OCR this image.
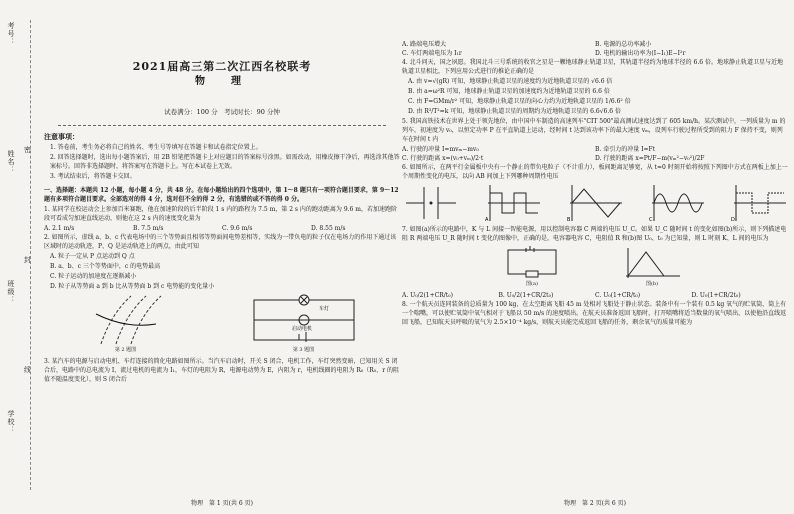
考号：
姓名：
班级：
学校：
密
封
线
2021届高三第二次江西名校联考
物　理
试卷满分：100 分　考试时长：90 分钟
注意事项：

1. 答卷前，考生务必将自己的姓名、考生号等填写在答题卡和试卷指定位置上。

2. 回答选择题时，选出每小题答案后，用 2B 铅笔把答题卡上对应题目的答案标号涂黑。如需改动，用橡皮擦干净后，再选涂其他答案标号。回答非选择题时，将答案写在答题卡上。写在本试卷上无效。

3. 考试结束后，将答题卡交回。

一、选择题：本题共 12 小题，每小题 4 分，共 48 分。在每小题给出的四个选项中，第 1～8 题只有一项符合题目要求，第 9～12 题有多项符合题目要求。全部选对的得 4 分，选对但不全的得 2 分，有选错的或不答的得 0 分。

1. 某同学在校运动会上参加百米赛跑，他在加速阶段的后半阶段 1 s 内的路程为 7.5 m，第 2 s 内的跑动距离为 9.6 m，若加速跑阶段可看成匀加速直线运动，则他在这 2 s 内的速度变化量为

A. 2.1 m/s	B. 7.5 m/s	C. 9.6 m/s	D. 8.55 m/s

2. 如图所示，虚线 a、b、c 代表电场中的三个等势面且相邻等势面间电势差相等，实线为一带负电的粒子仅在电场力的作用下通过该区域时的运动轨迹，P、Q 是运动轨迹上的两点，由此可知

A. 粒子一定从 P 点运动到 Q 点

B. a、b、c 三个等势面中，c 的电势最高

C. 粒子运动的加速度在逐渐减小

D. 粒子从等势面 a 到 b 比从等势面 b 到 c 电势能的变化量小

第 2 题图
车灯
启动电机
第 3 题图

3. 某汽车的电源与启动电机、车灯连接的简化电路如图所示。当汽车启动时，开关 S 闭合，电机工作，车灯突然变暗，已知用关 S 闭合后，电路中的总电流为 I，流过电机的电流为 I₁，车灯的电阻为 R，电源电动势为 E，内阻为 r，电机线圈的电阻为 R₀（R₀、r 的阻值不随温度变化），则 S 闭合后

物理　第 1 页(共 6 页)
A. 路端电压增大	B. 电源的总功率减小
C. 车灯两端电压为 I₁r	D. 电机的输出功率为(I−I₁)E−I²r

4. 北斗问天，国之夙愿。我国北斗三号系统的收官之星是一颗地球静止轨道卫星，其轨道半径约为地球半径的 6.6 倍。地球静止轨道卫星与近地轨道卫星相比，下列应用公式进行的推论正确的是

A. 由 v=√(gR) 可知，地球静止轨道卫星的速度约为近地轨道卫星的 √6.6 倍

B. 由 a=ω²R 可知，地球静止轨道卫星的加速度约为近地轨道卫星的 6.6 倍

C. 由 F=GMm/r² 可知，地球静止轨道卫星的向心力约为近地轨道卫星的 1/6.6² 倍

D. 由 R³/T²=k 可知，地球静止轨道卫星的周期约为近地轨道卫星的 6.6√6.6 倍

5. 我国高铁技术在世界上处于领先地位，由中国中车制造的高速列车"CIT 500"最高测试速度达到了 605 km/h。某次测试中，一列质量为 m 的列车，初速度为 v₀，以恒定功率 P 在平直轨道上运动，经时间 t 达到该功率下的最大速度 vₘ，设列车行驶过程所受到的阻力 F 保持不变，则列车在时间 t 内

A. 行驶的冲量 I=mvₘ−mv₀	B. 牵引力的冲量 I=Ft
C. 行驶的距离 x=(v₀+vₘ)/2·t	D. 行驶的距离 x=Pt/F−m(vₘ²−v₀²)/2F

6. 如图所示，在两平行金属板中央有一个静止的带负电粒子（不计重力），板间距离足够宽，从 t=0 时刻开始将按照下列图中方式在两板上加上一个周期性变化的电压，以向 AB 间加上下列哪种周期性电压

A	B	C	D

7. 如图(a)所示的电路中，K 与 L 间接一智能电源，用以控制电容器 C 两端的电压 U_C。如果 U_C 随时间 t 的变化如图(b)所示，则下列描述电阻 R 两端电压 U_R 随时间 t 变化的图像中，正确的是，电容器电容 C，电阻值 R 和(b)图 U₀、t₀ 为已知量，则 L 时刻 K、L 间的电压为

图(a)	图(b)
A. U₀/2(1+CR/t₀)	B. U₀/2(1+CR/2t₀)	C. U₀(1+CR/t₀)	D. U₀(1+CR/2t₀)

8. 一个航天员连同装备的总质量为 100 kg，在太空距离飞船 45 m 处相对飞船处于静止状态。装备中有一个装有 0.5 kg 氧气的贮氧筒，筒上有一个喘嘴，可以使贮氧筒中氧气相对于飞船以 50 m/s 的速度喷出。在航天员准备返回飞船时，打开喷嘴将适当数量的氧气喷出，以使他沿直线返回飞船，已知航天员呼吸的氧气为 2.5×10⁻⁴ kg/s，则航天员能完成返回飞船的任务，剩余氧气的质量可能为

物理　第 2 页(共 6 页)
